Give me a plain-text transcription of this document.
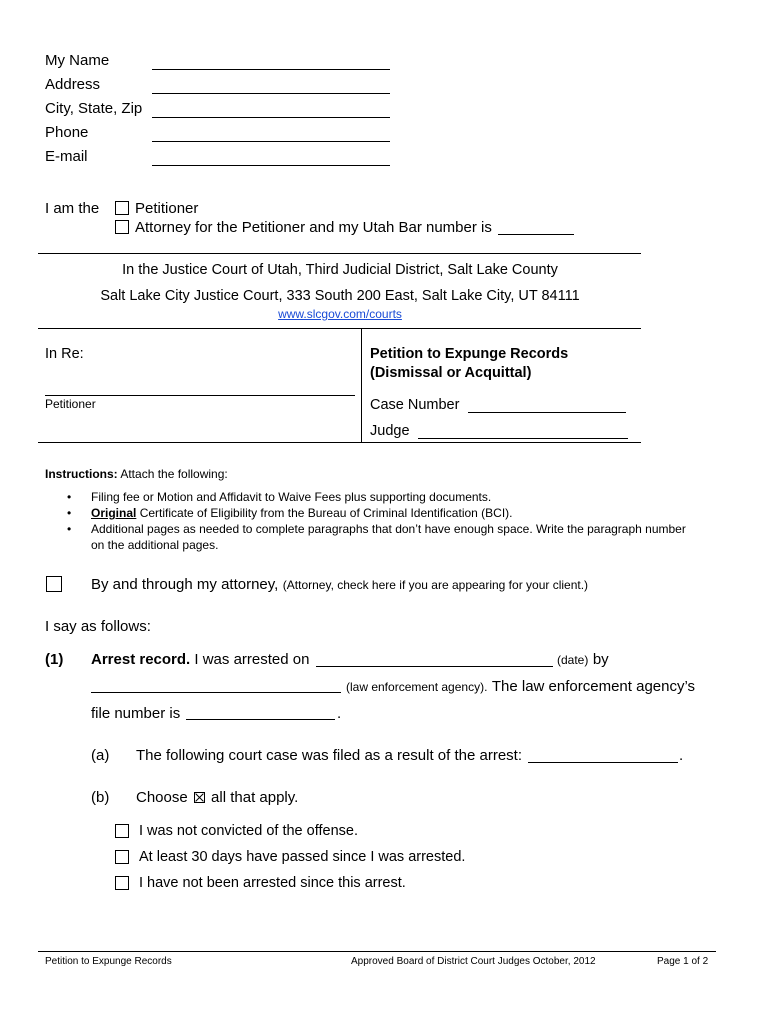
My Name
Address
City, State, Zip
Phone
E-mail
I am the Petitioner
Attorney for the Petitioner and my Utah Bar number is
In the Justice Court of Utah, Third Judicial District, Salt Lake County
Salt Lake City Justice Court, 333 South 200 East, Salt Lake City, UT 84111
www.slcgov.com/courts
In Re:
Petitioner
Petition to Expunge Records
(Dismissal or Acquittal)
Case Number
Judge
Instructions: Attach the following:
• Filing fee or Motion and Affidavit to Waive Fees plus supporting documents.
• Original Certificate of Eligibility from the Bureau of Criminal Identification (BCI).
• Additional pages as needed to complete paragraphs that don’t have enough space. Write the paragraph number
on the additional pages.
By and through my attorney, (Attorney, check here if you are appearing for your client.)
I say as follows:
(1) Arrest record. I was arrested on	(date) by
(law enforcement agency). The law enforcement agency’s
file number is	.
(a) The following court case was filed as a result of the arrest:	.
(b) Choose all that apply.
I was not convicted of the offense.
At least 30 days have passed since I was arrested.
I have not been arrested since this arrest.
Petition to Expunge Records	Approved Board of District Court Judges October, 2012	Page 1 of 2
